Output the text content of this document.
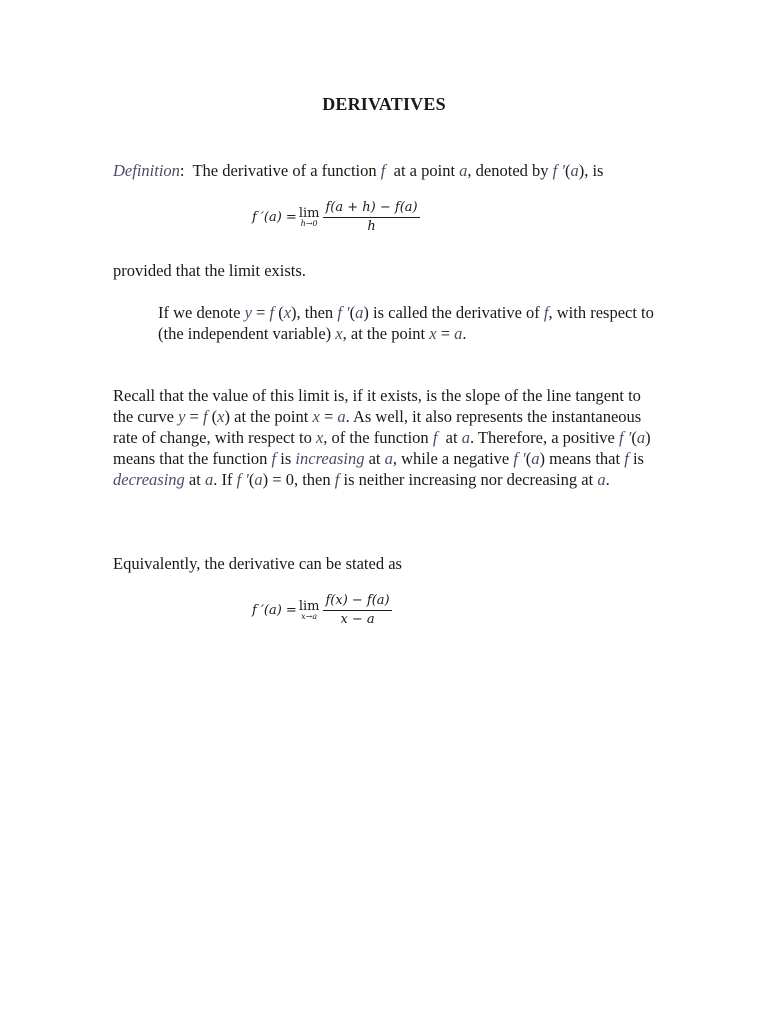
DERIVATIVES
Definition:  The derivative of a function f  at a point a, denoted by f ′(a), is
f ′(a) = lim
$h\to 0 \frac{f(a + h) - f(a)}{h}$
provided that the limit exists.
If we denote y = f (x), then f ′(a) is called the derivative of f, with respect to (the independent variable) x, at the point x = a.
Recall that the value of this limit is, if it exists, is the slope of the line tangent to the curve y = f (x) at the point x = a. As well, it also represents the instantaneous rate of change, with respect to x, of the function f  at a. Therefore, a positive f ′(a) means that the function f is increasing at a, while a negative f ′(a) means that f is decreasing at a. If f ′(a) = 0, then f is neither increasing nor decreasing at a.
Equivalently, the derivative can be stated as
f ′(a) = lim
$x\to a \frac{f(x) - f(a)}{x - a}$
